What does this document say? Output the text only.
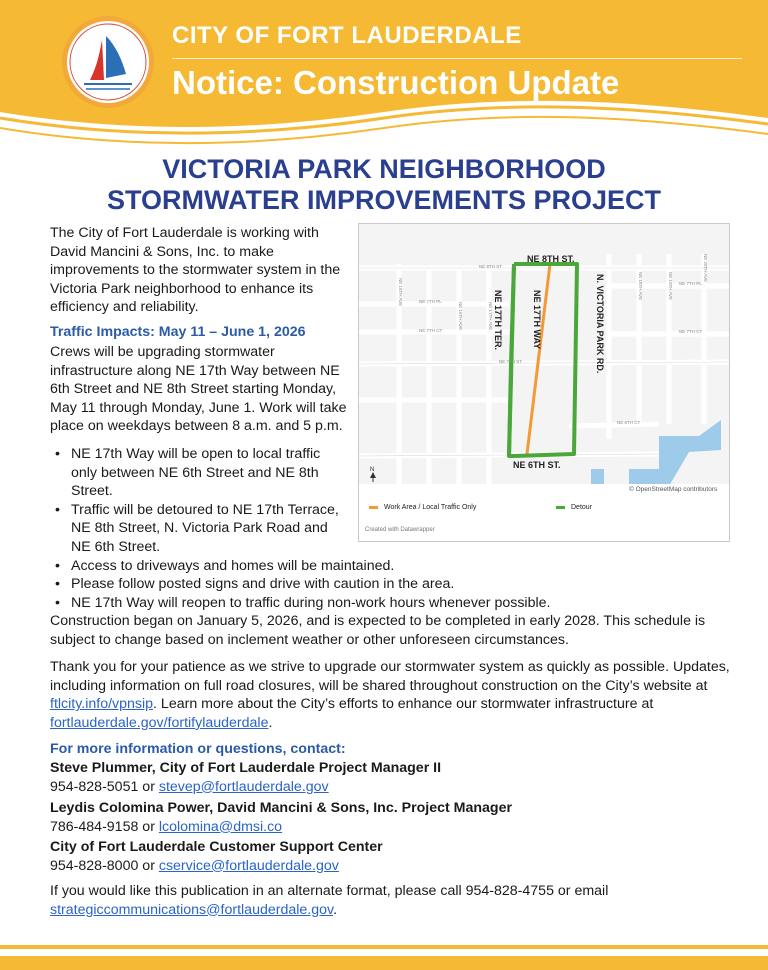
CITY OF FORT LAUDERDALE
Notice: Construction Update
VICTORIA PARK NEIGHBORHOOD
STORMWATER IMPROVEMENTS PROJECT
The City of Fort Lauderdale is working with David Mancini & Sons, Inc. to make improvements to the stormwater system in the Victoria Park neighborhood to enhance its efficiency and reliability.
Traffic Impacts: May 11 – June 1, 2026
Crews will be upgrading stormwater infrastructure along NE 17th Way between NE 6th Street and NE 8th Street starting Monday, May 11 through Monday, June 1. Work will take place on weekdays between 8 a.m. and 5 p.m.
• NE 17th Way will be open to local traffic only between NE 6th Street and NE 8th Street.
• Traffic will be detoured to NE 17th Terrace, NE 8th Street, N. Victoria Park Road and NE 6th Street.
• Access to driveways and homes will be maintained.
• Please follow posted signs and drive with caution in the area.
• NE 17th Way will reopen to traffic during non-work hours whenever possible.
NE 8TH ST.
NE 6TH ST.
NE 17TH TER.	NE 17TH WAY	N. VICTORIA PARK RD.
NE 8TH ST
NE 7TH PL
NE 7TH CT
NE 7TH ST
NE 6TH CT
NE 7TH PL
NE 7TH CT
NE 15TH AVE
NE 16TH AVE	NE 17TH AVE
NE 18TH AVE	NE 19TH AVE
NE 20TH AVE
N
© OpenStreetMap contributors
Work Area / Local Traffic Only	Detour
Created with Datawrapper
Construction began on January 5, 2026, and is expected to be completed in early 2028. This schedule is subject to change based on inclement weather or other unforeseen circumstances.
Thank you for your patience as we strive to upgrade our stormwater system as quickly as possible. Updates, including information on full road closures, will be shared throughout construction on the City’s website at ftlcity.info/vpnsip. Learn more about the City’s efforts to enhance our stormwater infrastructure at fortlauderdale.gov/fortifylauderdale.
For more information or questions, contact:
Steve Plummer, City of Fort Lauderdale Project Manager II
954-828-5051 or stevep@fortlauderdale.gov
Leydis Colomina Power, David Mancini & Sons, Inc. Project Manager
786-484-9158 or lcolomina@dmsi.co
City of Fort Lauderdale Customer Support Center
954-828-8000 or cservice@fortlauderdale.gov
If you would like this publication in an alternate format, please call 954-828-4755 or email strategiccommunications@fortlauderdale.gov.
